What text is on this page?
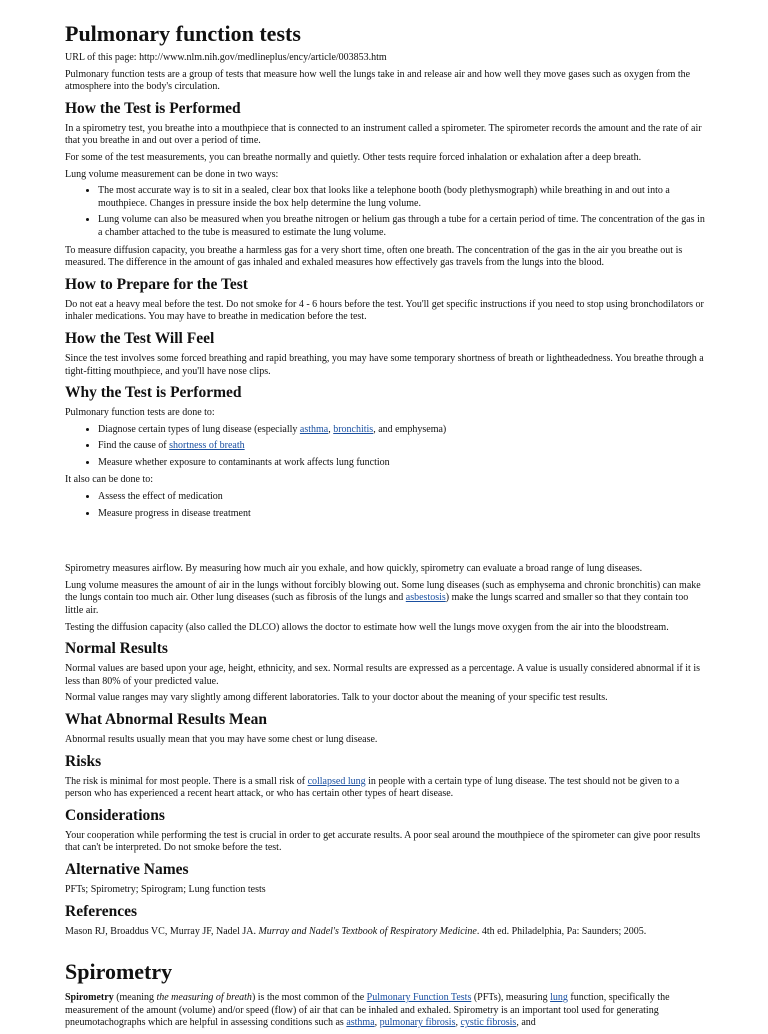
Pulmonary function tests

URL of this page: http://www.nlm.nih.gov/medlineplus/ency/article/003853.htm

Pulmonary function tests are a group of tests that measure how well the lungs take in and release air and how well they move gases such as oxygen from the atmosphere into the body's circulation.

How the Test is Performed

In a spirometry test, you breathe into a mouthpiece that is connected to an instrument called a spirometer. The spirometer records the amount and the rate of air that you breathe in and out over a period of time.

For some of the test measurements, you can breathe normally and quietly. Other tests require forced inhalation or exhalation after a deep breath.

Lung volume measurement can be done in two ways:

• The most accurate way is to sit in a sealed, clear box that looks like a telephone booth (body plethysmograph) while breathing in and out into a mouthpiece. Changes in pressure inside the box help determine the lung volume.
• Lung volume can also be measured when you breathe nitrogen or helium gas through a tube for a certain period of time. The concentration of the gas in a chamber attached to the tube is measured to estimate the lung volume.

To measure diffusion capacity, you breathe a harmless gas for a very short time, often one breath. The concentration of the gas in the air you breathe out is measured. The difference in the amount of gas inhaled and exhaled measures how effectively gas travels from the lungs into the blood.

How to Prepare for the Test

Do not eat a heavy meal before the test. Do not smoke for 4 - 6 hours before the test. You'll get specific instructions if you need to stop using bronchodilators or inhaler medications. You may have to breathe in medication before the test.

How the Test Will Feel

Since the test involves some forced breathing and rapid breathing, you may have some temporary shortness of breath or lightheadedness. You breathe through a tight-fitting mouthpiece, and you'll have nose clips.

Why the Test is Performed

Pulmonary function tests are done to:

• Diagnose certain types of lung disease (especially asthma, bronchitis, and emphysema)
• Find the cause of shortness of breath
• Measure whether exposure to contaminants at work affects lung function

It also can be done to:

• Assess the effect of medication
• Measure progress in disease treatment

Spirometry measures airflow. By measuring how much air you exhale, and how quickly, spirometry can evaluate a broad range of lung diseases.

Lung volume measures the amount of air in the lungs without forcibly blowing out. Some lung diseases (such as emphysema and chronic bronchitis) can make the lungs contain too much air. Other lung diseases (such as fibrosis of the lungs and asbestosis) make the lungs scarred and smaller so that they contain too little air.

Testing the diffusion capacity (also called the DLCO) allows the doctor to estimate how well the lungs move oxygen from the air into the bloodstream.

Normal Results

Normal values are based upon your age, height, ethnicity, and sex. Normal results are expressed as a percentage. A value is usually considered abnormal if it is less than 80% of your predicted value.

Normal value ranges may vary slightly among different laboratories. Talk to your doctor about the meaning of your specific test results.

What Abnormal Results Mean

Abnormal results usually mean that you may have some chest or lung disease.

Risks

The risk is minimal for most people. There is a small risk of collapsed lung in people with a certain type of lung disease. The test should not be given to a person who has experienced a recent heart attack, or who has certain other types of heart disease.

Considerations

Your cooperation while performing the test is crucial in order to get accurate results. A poor seal around the mouthpiece of the spirometer can give poor results that can't be interpreted. Do not smoke before the test.

Alternative Names

PFTs; Spirometry; Spirogram; Lung function tests

References

Mason RJ, Broaddus VC, Murray JF, Nadel JA. Murray and Nadel's Textbook of Respiratory Medicine. 4th ed. Philadelphia, Pa: Saunders; 2005.

Spirometry

Spirometry (meaning the measuring of breath) is the most common of the Pulmonary Function Tests (PFTs), measuring lung function, specifically the measurement of the amount (volume) and/or speed (flow) of air that can be inhaled and exhaled. Spirometry is an important tool used for generating pneumotachographs which are helpful in assessing conditions such as asthma, pulmonary fibrosis, cystic fibrosis, and
